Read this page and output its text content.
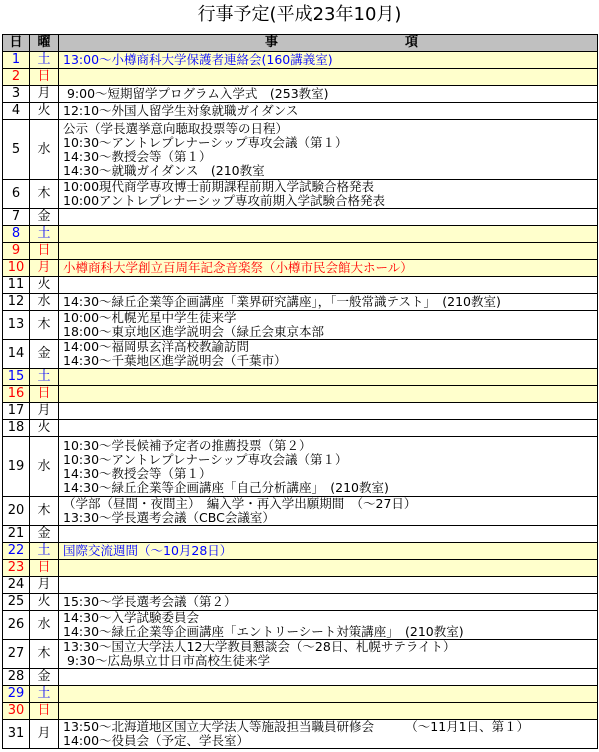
行事予定(平成23年10月)
日	曜	事	項
1	土	13:00～小樽商科大学保護者連絡会(160講義室)
2	日
3	月	9:00～短期留学プログラム入学式　(253教室)
4	火	12:10～外国人留学生対象就職ガイダンス
5	水
公示（学長選挙意向聴取投票等の日程）
10:30～アントレプレナーシップ専攻会議（第１）
14:30～教授会等（第１）
14:30～就職ガイダンス　(210教室
6	木	10:00現代商学専攻博士前期課程前期入学試験合格発表
10:00アントレプレナーシップ専攻前期入学試験合格発表
7	金
8	土
9	日
10	月	小樽商科大学創立百周年記念音楽祭（小樽市民会館大ホール）
11	火
12	水	14:30～緑丘企業等企画講座「業界研究講座」，「一般常識テスト」　(210教室)
13	木	10:00～札幌光星中学生徒来学
18:00～東京地区進学説明会（緑丘会東京本部
14	金	14:00～福岡県玄洋高校教諭訪問
14:30～千葉地区進学説明会（千葉市）
15	土
16	日
17	月
18	火
19	水
10:30～学長候補予定者の推薦投票（第２）
10:30～アントレプレナーシップ専攻会議（第１）
14:30～教授会等（第１）
14:30～緑丘企業等企画講座「自己分析講座」　(210教室)
20	木	（学部（昼間・夜間主）　編入学・再入学出願期間　（～27日）
13:30～学長選考会議（CBC会議室）
21	金
22	土	国際交流週間（～10月28日）
23	日
24	月
25	火	15:30～学長選考会議（第２）
26	水	14:30～入学試験委員会
14:30～緑丘企業等企画講座「エントリーシート対策講座」　(210教室)
27	木	13:30～国立大学法人12大学教員懇談会（～28日、札幌サテライト）
9:30～広島県立廿日市高校生徒来学
28	金
29	土
30	日
31	月	13:50～北海道地区国立大学法人等施設担当職員研修会　　　（～11月1日、第１）
14:00～役員会（予定、学長室）
